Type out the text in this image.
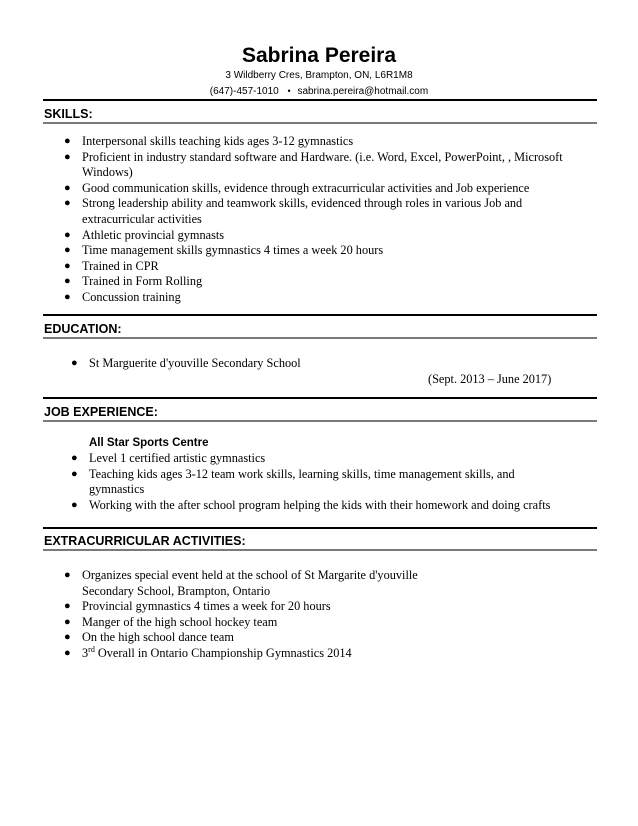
Sabrina Pereira
3 Wildberry Cres, Brampton, ON, L6R1M8
(647)-457-1010 • sabrina.pereira@hotmail.com
SKILLS:
● Interpersonal skills teaching kids ages 3-12 gymnastics
● Proficient in industry standard software and Hardware. (i.e. Word, Excel, PowerPoint, , Microsoft Windows)
● Good communication skills, evidence through extracurricular activities and Job experience
● Strong leadership ability and teamwork skills, evidenced through roles in various Job and extracurricular activities
● Athletic provincial gymnasts
● Time management skills gymnastics 4 times a week 20 hours
● Trained in CPR
● Trained in Form Rolling
● Concussion training
EDUCATION:
● St Marguerite d'youville Secondary School
(Sept. 2013 – June 2017)
JOB EXPERIENCE:
All Star Sports Centre
● Level 1 certified artistic gymnastics
● Teaching kids ages 3-12 team work skills, learning skills, time management skills, and gymnastics
● Working with the after school program helping the kids with their homework and doing crafts
EXTRACURRICULAR ACTIVITIES:
● Organizes special event held at the school of St Margarite d'youville Secondary School, Brampton, Ontario
● Provincial gymnastics 4 times a week for 20 hours
● Manger of the high school hockey team
● On the high school dance team
● 3rd Overall in Ontario Championship Gymnastics 2014
